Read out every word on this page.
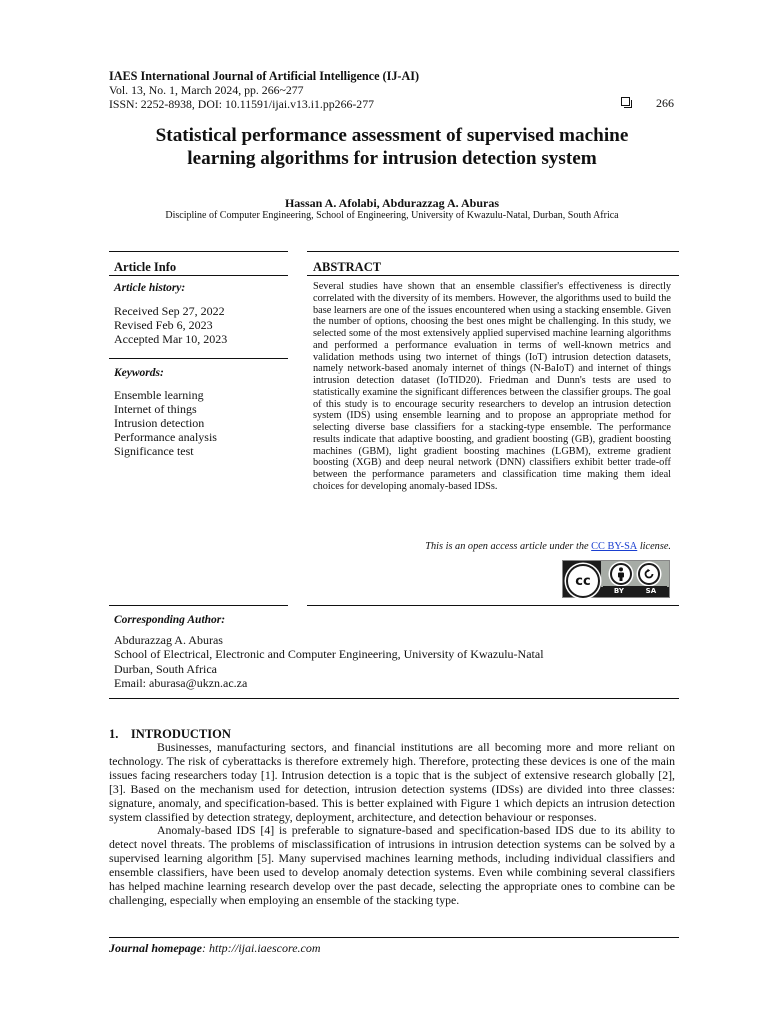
IAES International Journal of Artificial Intelligence (IJ-AI)
Vol. 13, No. 1, March 2024, pp. 266~277
ISSN: 2252-8938, DOI: 10.11591/ijai.v13.i1.pp266-277	266
Statistical performance assessment of supervised machine
learning algorithms for intrusion detection system
Hassan A. Afolabi, Abdurazzag A. Aburas
Discipline of Computer Engineering, School of Engineering, University of Kwazulu-Natal, Durban, South Africa
Article Info
Article history:
Received Sep 27, 2022
Revised Feb 6, 2023
Accepted Mar 10, 2023
Keywords:
Ensemble learning
Internet of things
Intrusion detection
Performance analysis
Significance test
ABSTRACT
Several studies have shown that an ensemble classifier's effectiveness is directly correlated with the diversity of its members. However, the algorithms used to build the base learners are one of the issues encountered when using a stacking ensemble. Given the number of options, choosing the best ones might be challenging. In this study, we selected some of the most extensively applied supervised machine learning algorithms and performed a performance evaluation in terms of well-known metrics and validation methods using two internet of things (IoT) intrusion detection datasets, namely network-based anomaly internet of things (N-BaIoT) and internet of things intrusion detection dataset (IoTID20). Friedman and Dunn's tests are used to statistically examine the significant differences between the classifier groups. The goal of this study is to encourage security researchers to develop an intrusion detection system (IDS) using ensemble learning and to propose an appropriate method for selecting diverse base classifiers for a stacking-type ensemble. The performance results indicate that adaptive boosting, and gradient boosting (GB), gradient boosting machines (GBM), light gradient boosting machines (LGBM), extreme gradient boosting (XGB) and deep neural network (DNN) classifiers exhibit better trade-off between the performance parameters and classification time making them ideal choices for developing anomaly-based IDSs.
This is an open access article under the CC BY-SA license.
cc
BY	SA
Corresponding Author:
Abdurazzag A. Aburas
School of Electrical, Electronic and Computer Engineering, University of Kwazulu-Natal
Durban, South Africa
Email: aburasa@ukzn.ac.za
1.    INTRODUCTION

Businesses, manufacturing sectors, and financial institutions are all becoming more and more reliant on technology. The risk of cyberattacks is therefore extremely high. Therefore, protecting these devices is one of the main issues facing researchers today [1]. Intrusion detection is a topic that is the subject of extensive research globally [2], [3]. Based on the mechanism used for detection, intrusion detection systems (IDSs) are divided into three classes: signature, anomaly, and specification-based. This is better explained with Figure 1 which depicts an intrusion detection system classified by detection strategy, deployment, architecture, and detection behaviour or responses.

Anomaly-based IDS [4] is preferable to signature-based and specification-based IDS due to its ability to detect novel threats. The problems of misclassification of intrusions in intrusion detection systems can be solved by a supervised learning algorithm [5]. Many supervised machines learning methods, including individual classifiers and ensemble classifiers, have been used to develop anomaly detection systems. Even while combining several classifiers has helped machine learning research develop over the past decade, selecting the appropriate ones to combine can be challenging, especially when employing an ensemble of the stacking type.

Journal homepage: http://ijai.iaescore.com
